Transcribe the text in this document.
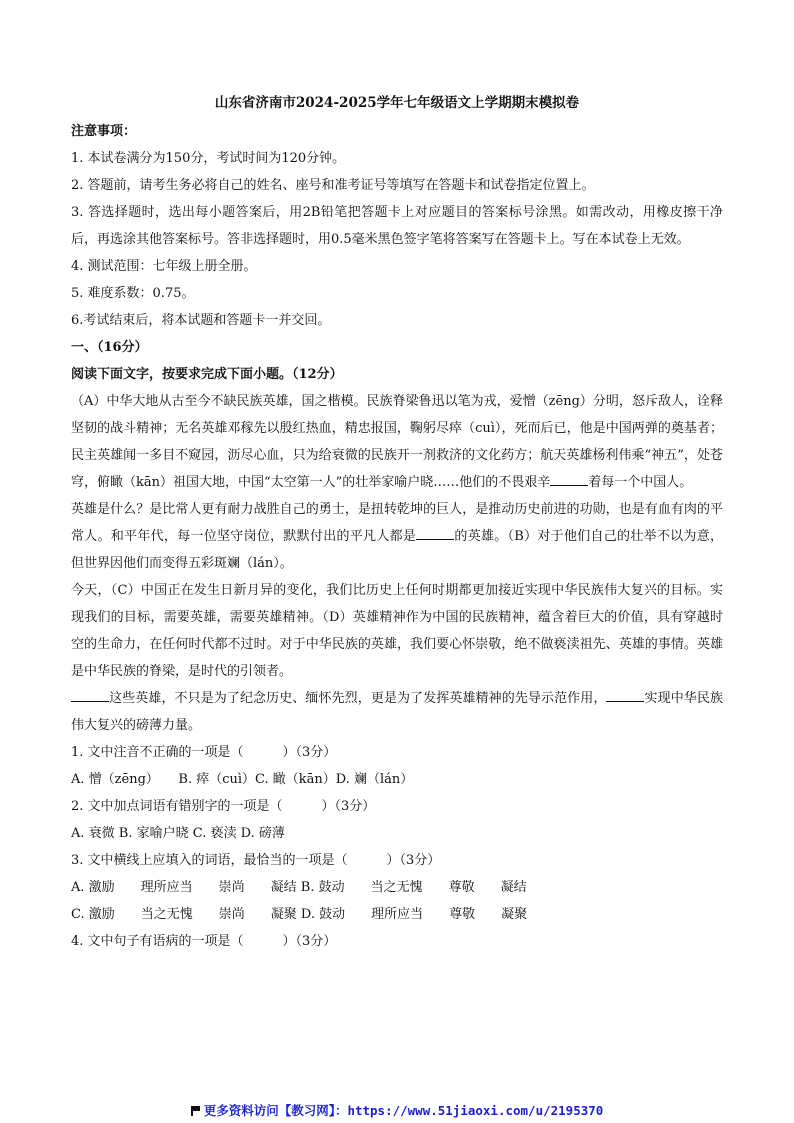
山东省济南市2024-2025学年七年级语文上学期期末模拟卷

注意事项：

1. 本试卷满分为150分，考试时间为120分钟。

2. 答题前，请考生务必将自己的姓名、座号和准考证号等填写在答题卡和试卷指定位置上。

3. 答选择题时，选出每小题答案后，用2B铅笔把答题卡上对应题目的答案标号涂黑。如需改动，用橡皮擦干净后，再选涂其他答案标号。答非选择题时，用0.5毫米黑色签字笔将答案写在答题卡上。写在本试卷上无效。

4. 测试范围：七年级上册全册。

5. 难度系数：0.75。

6.考试结束后，将本试题和答题卡一并交回。

一、（16分）

阅读下面文字，按要求完成下面小题。（12分）

（A）中华大地从古至今不缺民族英雄，国之楷模。民族脊梁鲁迅以笔为戎，爱憎（zēng）分明，怒斥敌人，诠释坚韧的战斗精神；无名英雄邓稼先以殷红热血，精忠报国，鞠躬尽瘁（cuì），死而后已，他是中国两弹的奠基者；民主英雄闻一多目不窥园，沥尽心血，只为给衰微的民族开一剂救济的文化药方；航天英雄杨利伟乘“神五”，处苍穹，俯瞰（kān）祖国大地，中国“太空第一人”的壮举家喻户晓……他们的不畏艰辛	着每一个中国人。

英雄是什么？是比常人更有耐力战胜自己的勇士，是扭转乾坤的巨人，是推动历史前进的功勋，也是有血有肉的平常人。和平年代，每一位坚守岗位，默默付出的平凡人都是	的英雄。（B）对于他们自己的壮举不以为意，但世界因他们而变得五彩斑斓（lán）。

今天，（C）中国正在发生日新月异的变化，我们比历史上任何时期都更加接近实现中华民族伟大复兴的目标。实现我们的目标，需要英雄，需要英雄精神。（D）英雄精神作为中国的民族精神，蕴含着巨大的价值，具有穿越时空的生命力，在任何时代都不过时。对于中华民族的英雄，我们要心怀崇敬，绝不做亵渎祖先、英雄的事情。英雄是中华民族的脊梁，是时代的引领者。

这些英雄，不只是为了纪念历史、缅怀先烈，更是为了发挥英雄精神的先导示范作用，	实现中华民族伟大复兴的磅薄力量。

1. 文中注音不正确的一项是（　　　）（3分）

A. 憎（zēng）　　B. 瘁（cuì）C. 瞰（kān）D. 斓（lán）

2. 文中加点词语有错别字的一项是（　　　）（3分）

A. 衰微 B. 家喻户晓 C. 亵渎 D. 磅薄

3. 文中横线上应填入的词语，最恰当的一项是（　　　）（3分）

A. 激励　　理所应当　　崇尚　　凝结 B. 鼓动　　当之无愧　　尊敬　　凝结

C. 激励　　当之无愧　　崇尚　　凝聚 D. 鼓动　　理所应当　　尊敬　　凝聚

4. 文中句子有语病的一项是（　　　）（3分）

更多资料访问【教习网】：https://www.51jiaoxi.com/u/2195370
